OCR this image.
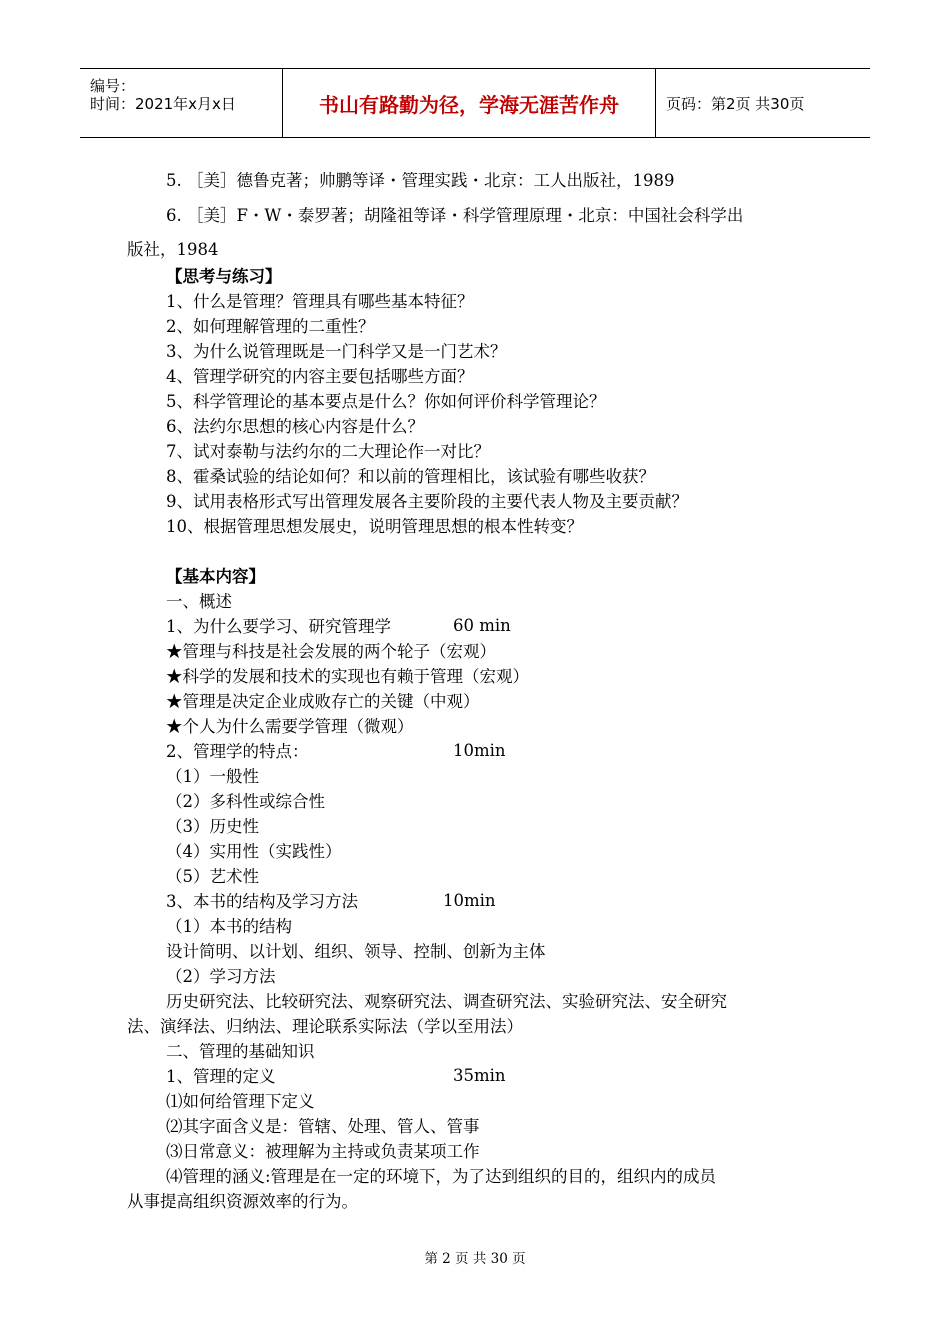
编号：
时间：2021年x月x日	书山有路勤为径，学海无涯苦作舟	页码：第2页 共30页
5. ［美］德鲁克著；帅鹏等译・管理实践・北京：工人出版社，1989
6. ［美］F・W・泰罗著；胡隆祖等译・科学管理原理・北京：中国社会科学出
版社，1984
【思考与练习】
1、什么是管理？管理具有哪些基本特征？
2、如何理解管理的二重性？
3、为什么说管理既是一门科学又是一门艺术？
4、管理学研究的内容主要包括哪些方面？
5、科学管理论的基本要点是什么？你如何评价科学管理论？
6、法约尔思想的核心内容是什么？
7、试对泰勒与法约尔的二大理论作一对比？
8、霍桑试验的结论如何？和以前的管理相比，该试验有哪些收获？
9、试用表格形式写出管理发展各主要阶段的主要代表人物及主要贡献？
10、根据管理思想发展史，说明管理思想的根本性转变？
【基本内容】
一、概述
1、为什么要学习、研究管理学	60 min
★管理与科技是社会发展的两个轮子（宏观）
★科学的发展和技术的实现也有赖于管理（宏观）
★管理是决定企业成败存亡的关键（中观）
★个人为什么需要学管理（微观）
2、管理学的特点：	10min
（1）一般性
（2）多科性或综合性
（3）历史性
（4）实用性（实践性）
（5）艺术性
3、本书的结构及学习方法	10min
（1）本书的结构
设计简明、以计划、组织、领导、控制、创新为主体
（2）学习方法
历史研究法、比较研究法、观察研究法、调查研究法、实验研究法、安全研究
法、演绎法、归纳法、理论联系实际法（学以至用法）
二、管理的基础知识
1、管理的定义	35min
⑴如何给管理下定义
⑵其字面含义是：管辖、处理、管人、管事
⑶日常意义：被理解为主持或负责某项工作
⑷管理的涵义:管理是在一定的环境下，为了达到组织的目的，组织内的成员
从事提高组织资源效率的行为。
第 2 页 共 30 页
